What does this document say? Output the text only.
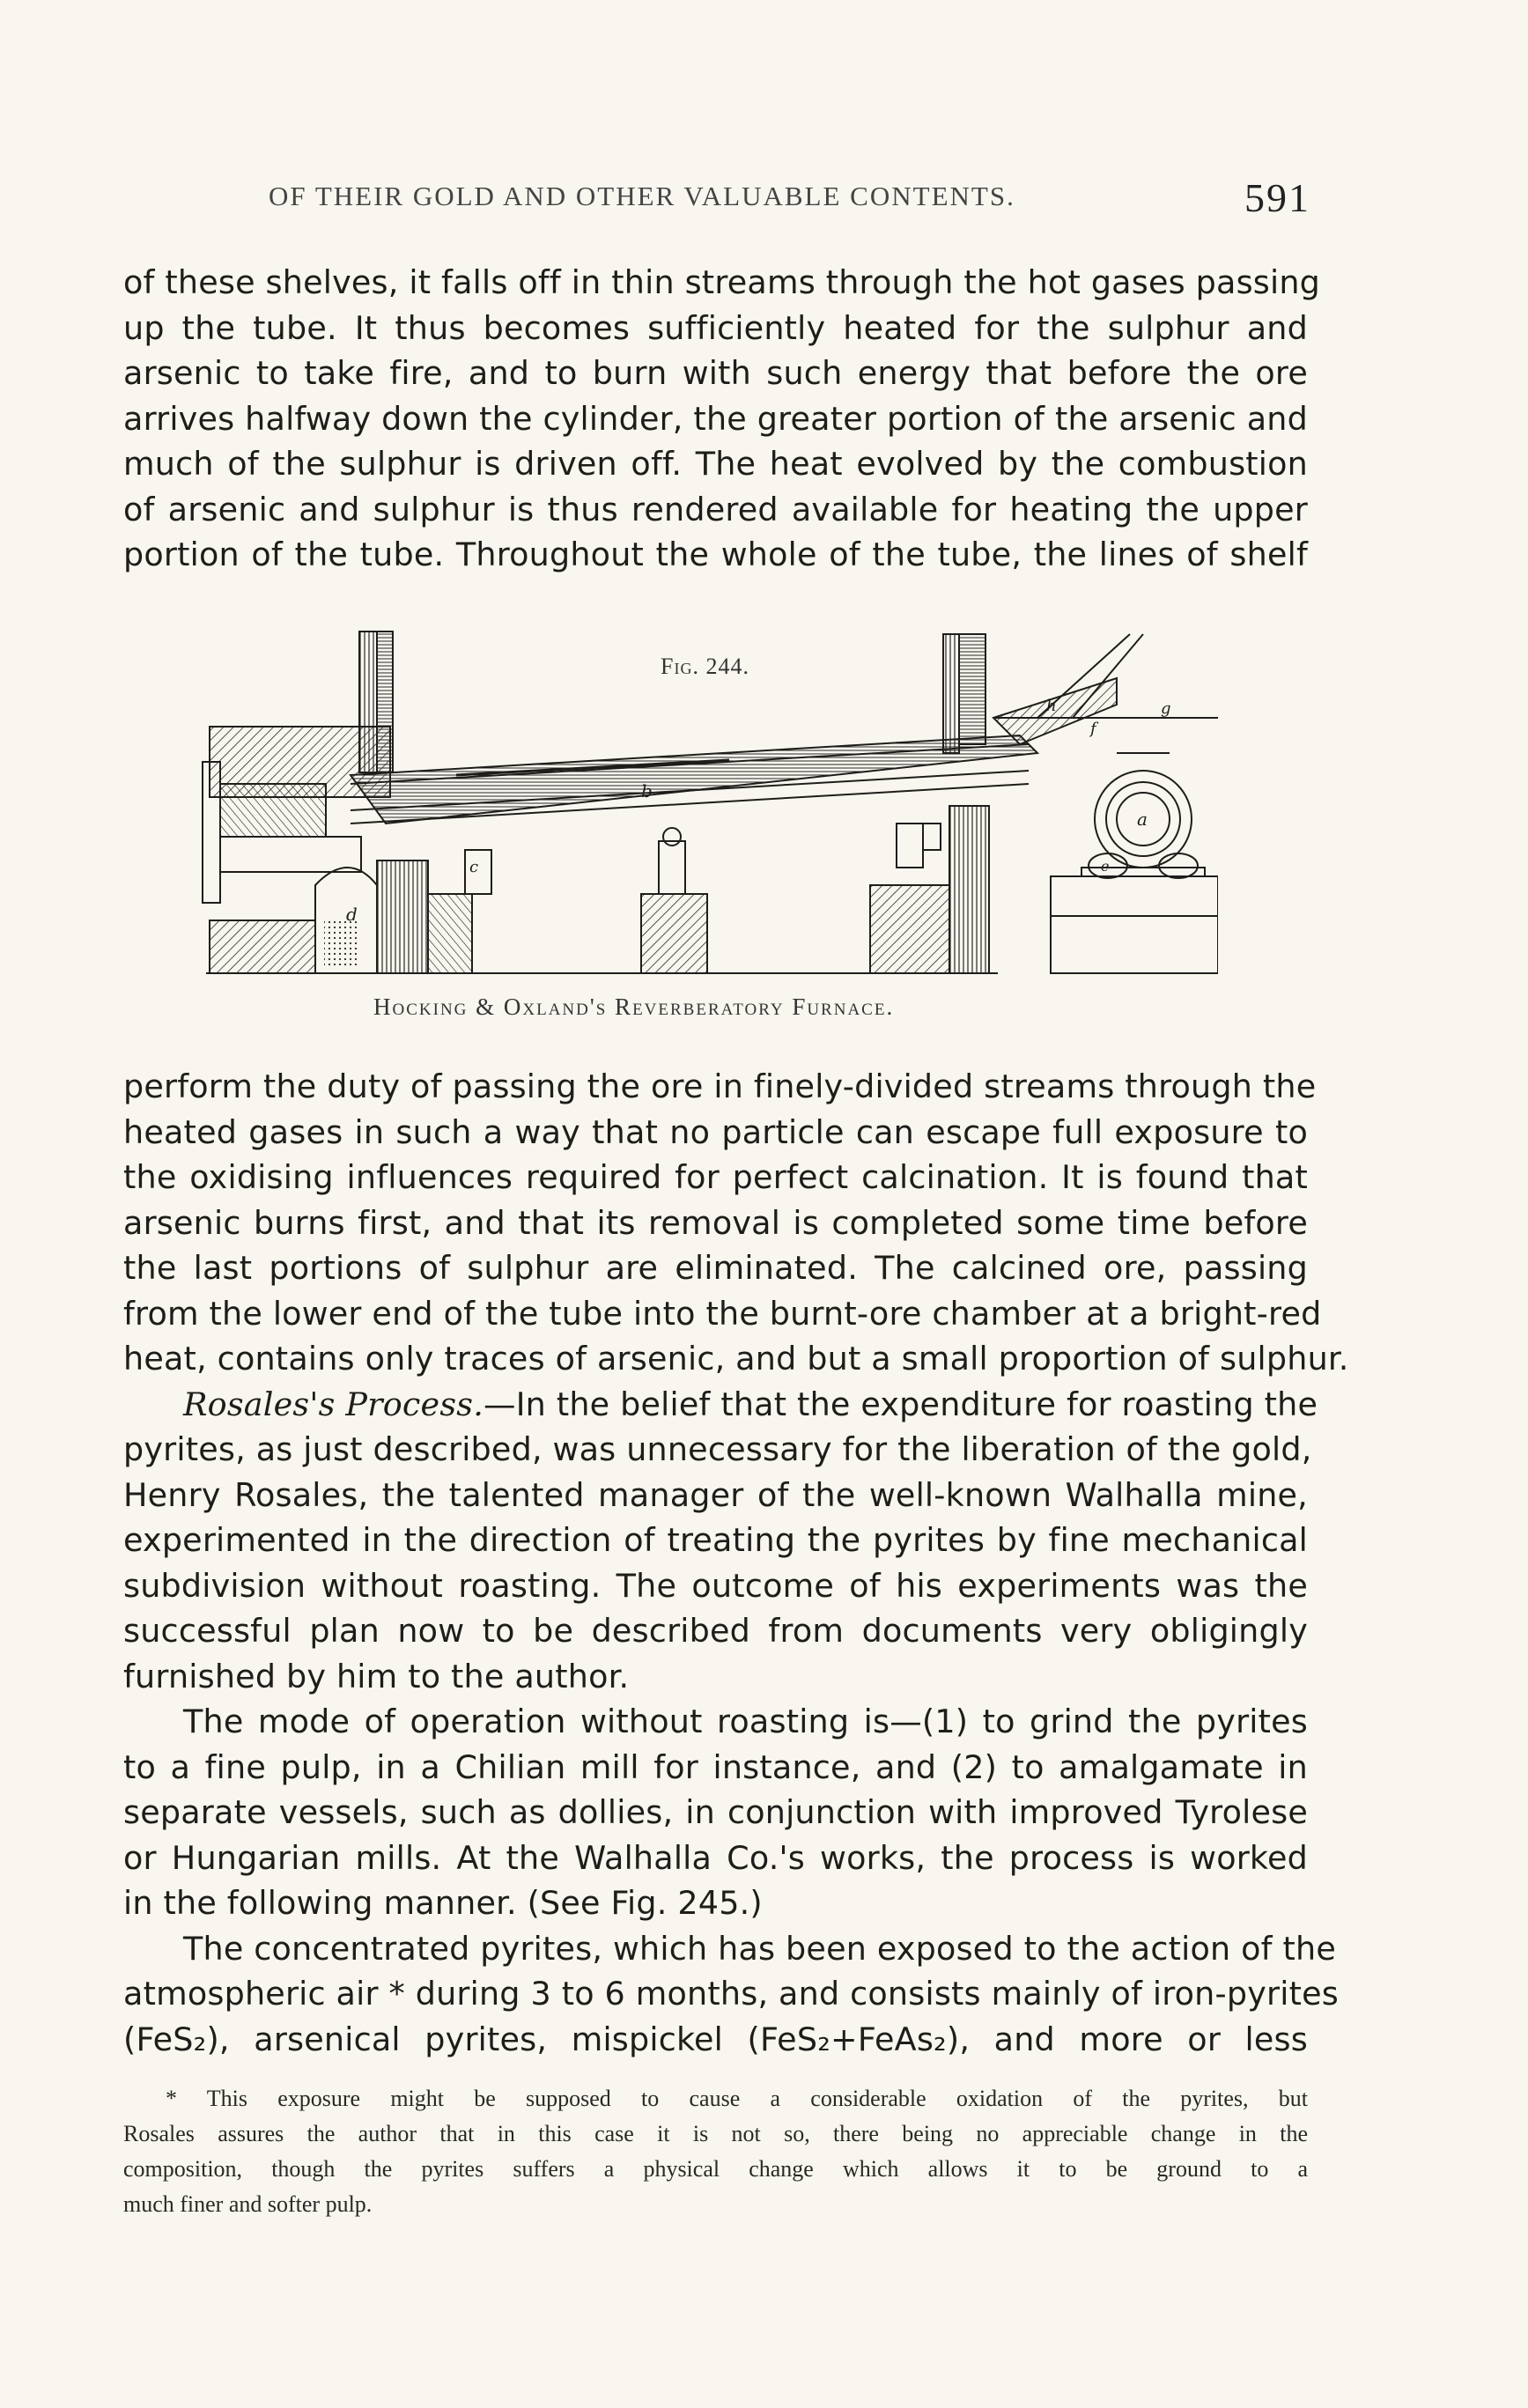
OF THEIR GOLD AND OTHER VALUABLE CONTENTS.	591
of these shelves, it falls off in thin streams through the hot gases passing
up the tube. It thus becomes sufficiently heated for the sulphur and
arsenic to take fire, and to burn with such energy that before the ore
arrives halfway down the cylinder, the greater portion of the arsenic and
much of the sulphur is driven off. The heat evolved by the combustion
of arsenic and sulphur is thus rendered available for heating the upper
portion of the tube. Throughout the whole of the tube, the lines of shelf
d
b
h	g
f
c
a
e
Fig. 244.
Hocking & Oxland's Reverberatory Furnace.
perform the duty of passing the ore in finely-divided streams through the
heated gases in such a way that no particle can escape full exposure to
the oxidising influences required for perfect calcination. It is found that
arsenic burns first, and that its removal is completed some time before
the last portions of sulphur are eliminated. The calcined ore, passing
from the lower end of the tube into the burnt-ore chamber at a bright-red
heat, contains only traces of arsenic, and but a small proportion of sulphur.
Rosales's Process.—In the belief that the expenditure for roasting the
pyrites, as just described, was unnecessary for the liberation of the gold,
Henry Rosales, the talented manager of the well-known Walhalla mine,
experimented in the direction of treating the pyrites by fine mechanical
subdivision without roasting. The outcome of his experiments was the
successful plan now to be described from documents very obligingly
furnished by him to the author.
The mode of operation without roasting is—(1) to grind the pyrites
to a fine pulp, in a Chilian mill for instance, and (2) to amalgamate in
separate vessels, such as dollies, in conjunction with improved Tyrolese
or Hungarian mills. At the Walhalla Co.'s works, the process is worked
in the following manner. (See Fig. 245.)
The concentrated pyrites, which has been exposed to the action of the
atmospheric air * during 3 to 6 months, and consists mainly of iron-pyrites
(FeS₂), arsenical pyrites, mispickel (FeS₂+FeAs₂), and more or less
* This exposure might be supposed to cause a considerable oxidation of the pyrites, but
Rosales assures the author that in this case it is not so, there being no appreciable change in the
composition, though the pyrites suffers a physical change which allows it to be ground to a
much finer and softer pulp.
